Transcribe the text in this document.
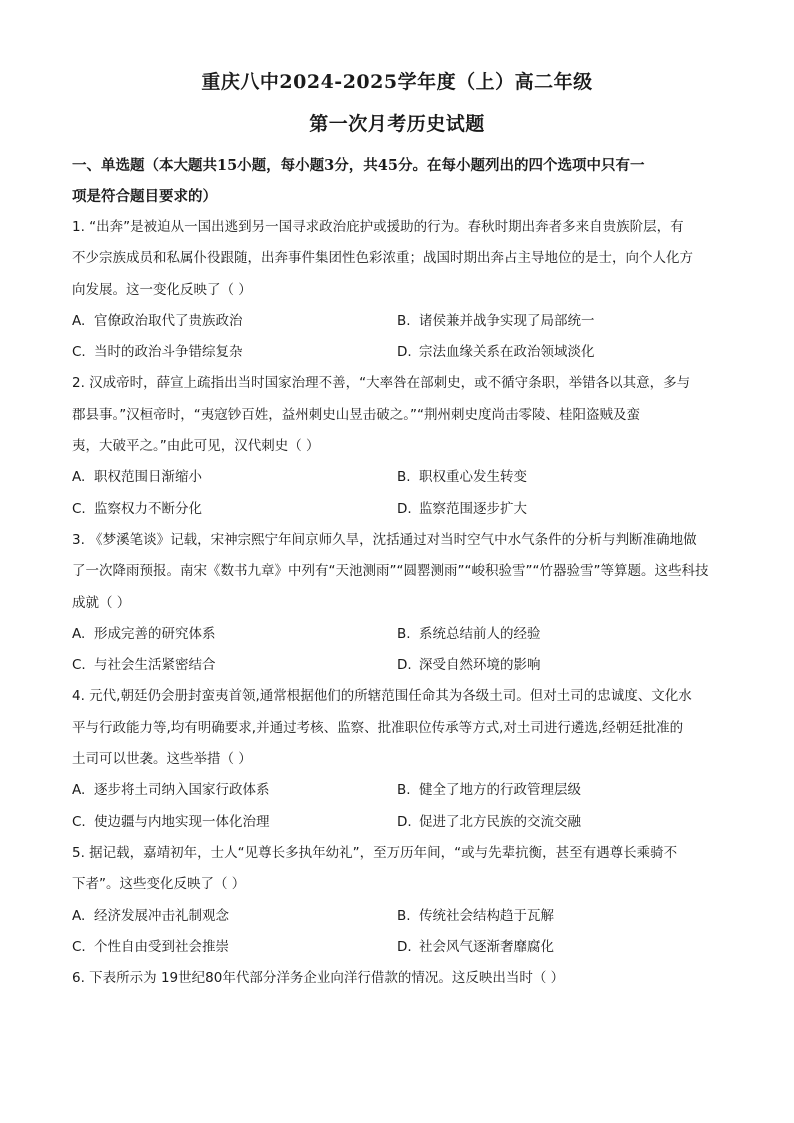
重庆八中2024-2025学年度（上）高二年级
第一次月考历史试题

一、单选题（本大题共15小题，每小题3分，共45分。在每小题列出的四个选项中只有一

项是符合题目要求的）

1. “出奔”是被迫从一国出逃到另一国寻求政治庇护或援助的行为。春秋时期出奔者多来自贵族阶层，有

不少宗族成员和私属仆役跟随，出奔事件集团性色彩浓重；战国时期出奔占主导地位的是士，向个人化方

向发展。这一变化反映了（ ）

A. 官僚政治取代了贵族政治	B. 诸侯兼并战争实现了局部统一
C. 当时的政治斗争错综复杂	D. 宗法血缘关系在政治领域淡化

2. 汉成帝时，薛宣上疏指出当时国家治理不善，“大率咎在部刺史，或不循守条职，举错各以其意，多与

郡县事。”汉桓帝时，“夷寇钞百姓，益州刺史山昱击破之。”“荆州刺史度尚击零陵、桂阳盗贼及蛮

夷，大破平之。”由此可见，汉代刺史（ ）

A. 职权范围日渐缩小	B. 职权重心发生转变
C. 监察权力不断分化	D. 监察范围逐步扩大

3. 《梦溪笔谈》记载，宋神宗熙宁年间京师久旱，沈括通过对当时空气中水气条件的分析与判断准确地做

了一次降雨预报。南宋《数书九章》中列有“天池测雨”“圆罂测雨”“峻积验雪”“竹器验雪”等算题。这些科技

成就（ ）

A. 形成完善的研究体系	B. 系统总结前人的经验
C. 与社会生活紧密结合	D. 深受自然环境的影响

4. 元代,朝廷仍会册封蛮夷首领,通常根据他们的所辖范围任命其为各级土司。但对土司的忠诚度、文化水

平与行政能力等,均有明确要求,并通过考核、监察、批准职位传承等方式,对土司进行遴选,经朝廷批准的

土司可以世袭。这些举措（ ）

A. 逐步将土司纳入国家行政体系	B. 健全了地方的行政管理层级
C. 使边疆与内地实现一体化治理	D. 促进了北方民族的交流交融

5. 据记载，嘉靖初年，士人“见尊长多执年幼礼”，至万历年间，“或与先辈抗衡，甚至有遇尊长乘骑不

下者”。这些变化反映了（ ）

A. 经济发展冲击礼制观念	B. 传统社会结构趋于瓦解
C. 个性自由受到社会推崇	D. 社会风气逐渐奢靡腐化

6. 下表所示为 19世纪80年代部分洋务企业向洋行借款的情况。这反映出当时（ ）
